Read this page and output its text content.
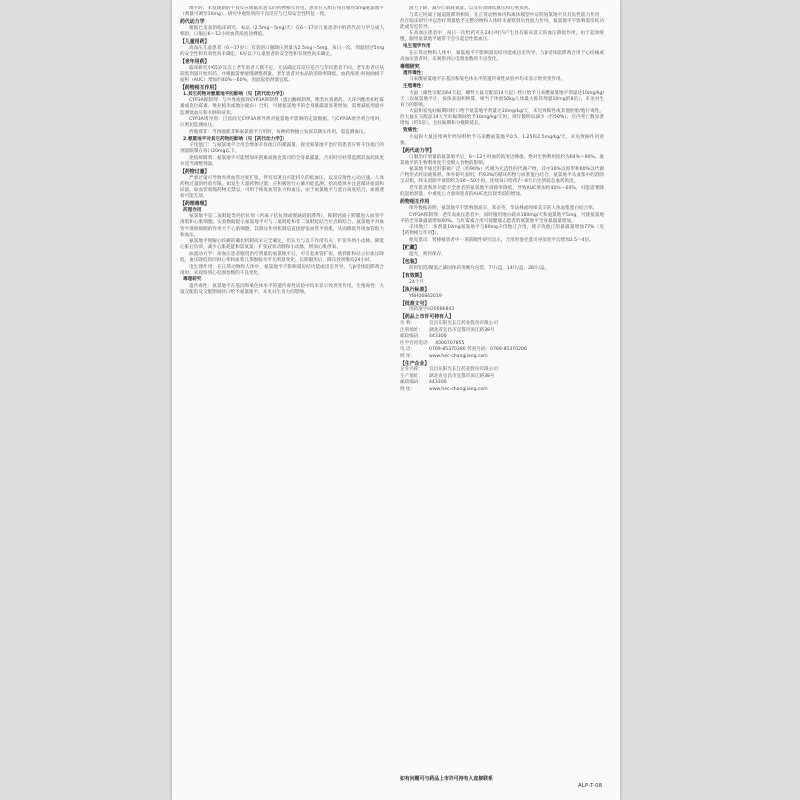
地平时，未发现新的不良反应或临床意义的药物相互作用。患者在入组后每日服用5mg氨氯地平（剂量可调至10mg）。研究中观察到的不良反应与已知安全性特征一致。

药代动力学

根据已发表的临床研究，本品（2.5mg～5mg/天）在6～17岁儿童患者中的药代动力学与成人相似，口服后6～12小时血药浓度达峰值。

【儿童用药】

高血压儿童患者（6～17岁）：有效的口服降压剂量为2.5mg～5mg，每日一次。剂量超过5mg的安全性和有效性尚未确定。6岁以下儿童患者的安全性和有效性尚未确定。

【老年用药】

临床研究中65岁及以上老年患者人数不足，无法确定其反应是否与年轻患者不同。老年患者应从较低剂量开始用药，并根据需要缓慢调整剂量。老年患者对本品的清除率降低，血药浓度-时间曲线下面积（AUC）增加约40%～60%，因此起始剂量宜低。

【药物相互作用】

1.其它药物对氨氯地平的影响（见【药代动力学】）

CYP3A抑制剂：与中度或强效CYP3A抑制剂（蛋白酶抑制剂、唑类抗真菌药、大环内酯类如红霉素或克拉霉素、维拉帕米或地尔硫卓）合用，可使氨氯地平的全身暴露量显著增加，需要减低剂量并监测低血压和水肿的症状。

CYP3A诱导剂：目前尚无CYP3A诱导剂对氨氯地平影响的定量数据。与CYP3A诱导剂合用时，应密切监测血压。

西地那非：当西地那非和氨氯地平合用时，每种药物独立发挥其降压作用，需监测血压。

2.氨氯地平对其它药物的影响（见【药代动力学】）

辛伐他汀：与氨氯地平合用会增加辛伐他汀的暴露量，接受氨氯地平治疗的患者应将辛伐他汀的剂量限制在每日20mg以下。

免疫抑制剂：氨氯地平可能增加环孢素或他克莫司的全身暴露量，合用时应经常监测其血药浓度并适当调整剂量。

【药物过量】

严重过量可导致外周血管过度扩张，伴有显著且可能持久的低血压，以及反射性心动过速。人体药物过量的经验有限。如发生大量药物过量，应积极进行心肺功能监测，抬高肢体并注意循环血量和尿量。如血管收缩药物无禁忌，可用于恢复血管张力和血压。由于氨氯地平与蛋白高度结合，血液透析可能无效。

【药理毒理】

药理作用

氨氯地平是二氢吡啶类钙拮抗剂（钙离子拮抗剂或慢通道阻滞剂），抑制钙离子跨膜进入血管平滑肌和心肌细胞。实验数据提示氨氯地平可与二氢吡啶和非二氢吡啶结合位点相结合。氨氯地平对血管平滑肌细胞的作用大于心肌细胞，其降压作用机制是直接舒张血管平滑肌，从而降低外周血管阻力和血压。

氨氯地平缓解心绞痛的确切机制尚未完全确定，但认为与以下作用有关：扩张外周小动脉，降低心脏后负荷，减少心肌耗能和需氧量；扩张冠状动脉和小动脉，增加心肌供氧。

血流动力学：高血压患者服用治疗剂量的氨氯地平后，可引起血管扩张，使仰卧和站立位血压降低，血压降低的同时心率和血浆儿茶酚胺水平无明显变化。长期服用后，降压效果维持24小时。

电生理作用：在正常动物和人体中，氨氯地平不影响窦房结功能或房室传导。与β受体阻滞剂合用时，未观察到心电图参数的不良变化。

毒理研究

遗传毒性：氨氯地平在基因和染色体水平的遗传毒性试验中均未显示致突变作用。生殖毒性：大鼠交配前及交配期间经口给予氨氯地平，未见对生育力的影响。

阻力下降，减少心肌耗氧量。以及有效降低血压和心率负荷。

与其它钙离子通道阻滞剂相同，在正常动物体内和离体模型中证明氨氯地平具有负性肌力作用，但在临床研究中以治疗剂量给予完整动物和人体时未观察到负性肌力作用。氨氯地平不影响窦房结功能或房室传导。

在高血压患者中，每日一次给药可在24小时内产生具有临床意义的血压降低作用。由于起效缓慢，服用氨氯地平通常不会引起急性低血压。

电生理学作用

在正常动物和人体中，氨氯地平不影响窦房结功能或房室传导。与β受体阻滞剂合用于心绞痛或高血压患者时，未观察到心电图参数的不良变化。

毒理研究

遗传毒性：

马来酸氨氯地平在基因和染色体水平的遗传毒性试验中均未显示致突变作用。

生殖毒性：

大鼠（雄性交配前64天起，雌性大鼠交配前14天起）经口给予马来酸氨氯地平剂量达10mg/kg/天（以氨氯地平计，按体表面积换算，相当于体重50kg人体最大推荐剂量10mg的8倍），未见对生育力的影响。

大鼠和家兔妊娠期间经口给予氨氯地平剂量达10mg/kg/天，未见致畸性或其他胚胎/胎仔毒性。但大鼠在交配前14天至妊娠期间给予10mg/kg/天时，窝仔数明显减少（约50%），宫内死亡数显著增加（约5倍），且妊娠期和分娩期延长。

致癌性：

小鼠和大鼠连续两年经饲料给予马来酸氨氯地平0.5、1.25和2.5mg/kg/天，未见致癌作用迹象。

【药代动力学】

口服治疗剂量的氨氯地平后，6～12小时血药浓度达峰值。绝对生物利用度约为64%～90%。氨氯地平的生物利用度不受摄入食物的影响。

氨氯地平通过肝脏被广泛（约90%）代谢为无活性的代谢产物，其中10%以原形和60%以代谢产物形式经尿液排泄。体外研究表明，约93%的循环药物与血浆蛋白结合。氨氯地平从血浆中的消除呈双相，终末消除半衰期约为30～50小时。连续每日给药7～8天后达到稳态血药浓度。

老年患者和肝功能不全患者的氨氯地平清除率降低，导致AUC增加约40%～60%，可能需要降低起始剂量。中重度心力衰竭患者的AUC也出现类似的增加。

药物相互作用

体外数据表明，氨氯地平不影响地高辛、苯妥英、华法林或吲哚美辛的人体血浆蛋白结合率。

CYP3A抑制剂：老年高血压患者中，同时服用地尔硫卓180mg/天和氨氯地平5mg，可使氨氯地平的全身暴露量增加60%。与红霉素合用可使健康志愿者的氨氯地平全身暴露量增加。

辛伐他汀：多剂量10mg氨氯地平与80mg辛伐他汀合用，使辛伐他汀的暴露量增加77%（见【药物相互作用】）。

他克莫司：肾移植患者中一项前瞻性研究显示，合用时他克莫司谷浓度平均增加2.5～4倍。

【贮藏】

遮光，密封保存。

【包装】

药用铝箔/聚氯乙烯固体药用硬片包装，7片/盒，14片/盒，28片/盒。

【有效期】

24个月

【执行标准】

YBH06842019

【批准文号】

国药准字H20066843

【药品上市许可持有人】

名 称：	宜昌东阳光长江药业股份有限公司
注册地址：	湖北省宜昌市宜都市滨江路38号
邮政编码：	443300
医学咨询电话： 4006707855
电 话：	0769-85370280 传真号码：0769-85370206
网 址：	www.hec-changjiang.com

【生产企业】

企业名称：	宜昌东阳光长江药业股份有限公司
生产地址：	湖北省宜昌市宜都市滨江路38号
邮政编码：	443300
网 址：	www.hec-changjiang.com
如有问题可与药品上市许可持有人直接联系
ALP-T-08
